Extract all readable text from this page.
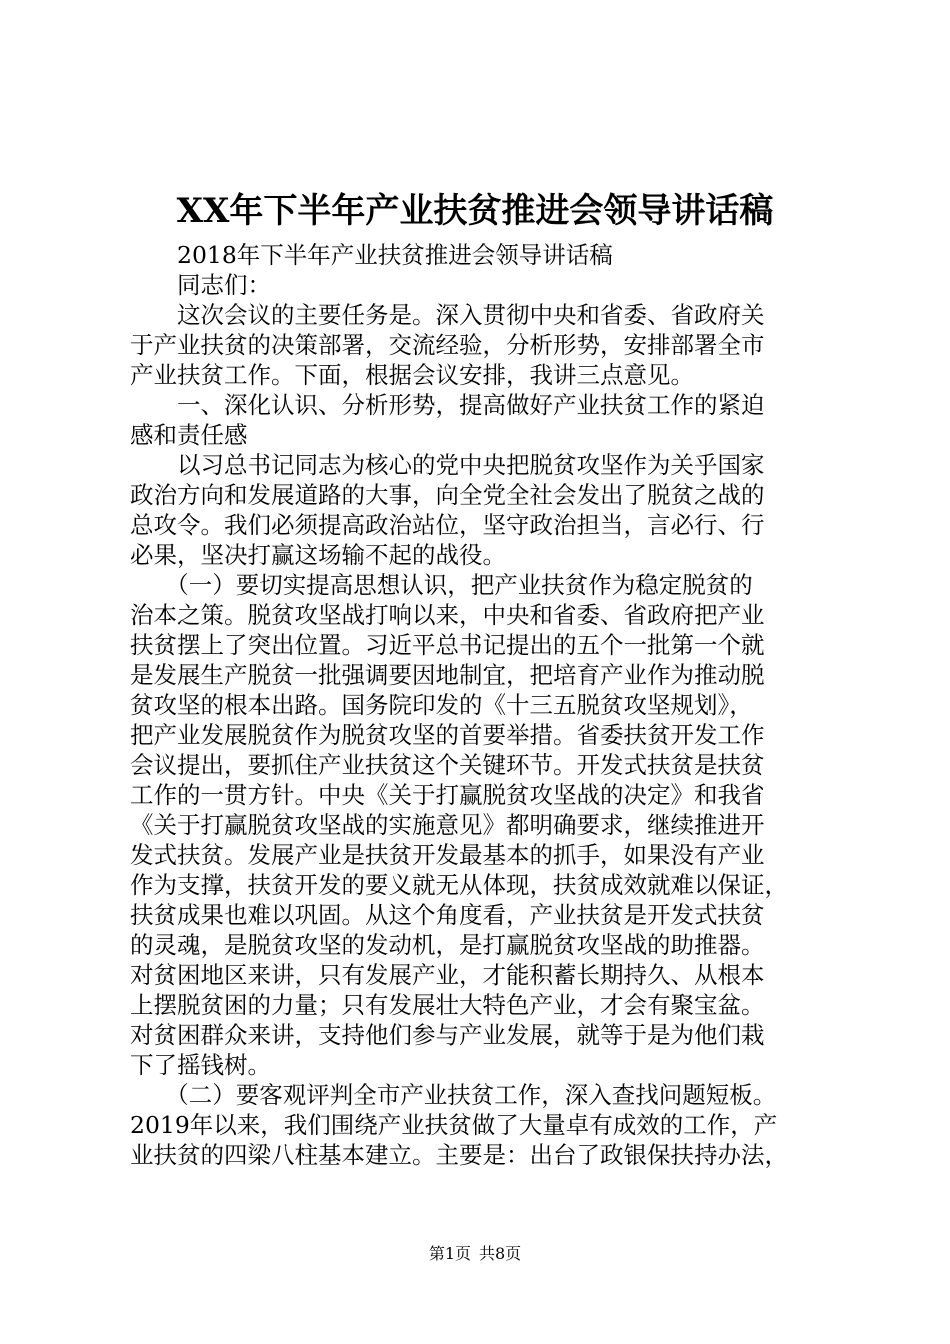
XX年下半年产业扶贫推进会领导讲话稿
　　2018年下半年产业扶贫推进会领导讲话稿
　　同志们：
　　这次会议的主要任务是。深入贯彻中央和省委、省政府关
于产业扶贫的决策部署，交流经验，分析形势，安排部署全市
产业扶贫工作。下面，根据会议安排，我讲三点意见。
　　一、深化认识、分析形势，提高做好产业扶贫工作的紧迫
感和责任感
　　以习总书记同志为核心的党中央把脱贫攻坚作为关乎国家
政治方向和发展道路的大事，向全党全社会发出了脱贫之战的
总攻令。我们必须提高政治站位，坚守政治担当，言必行、行
必果，坚决打赢这场输不起的战役。
　　（一）要切实提高思想认识，把产业扶贫作为稳定脱贫的
治本之策。脱贫攻坚战打响以来，中央和省委、省政府把产业
扶贫摆上了突出位置。习近平总书记提出的五个一批第一个就
是发展生产脱贫一批强调要因地制宜，把培育产业作为推动脱
贫攻坚的根本出路。国务院印发的《十三五脱贫攻坚规划》，
把产业发展脱贫作为脱贫攻坚的首要举措。省委扶贫开发工作
会议提出，要抓住产业扶贫这个关键环节。开发式扶贫是扶贫
工作的一贯方针。中央《关于打赢脱贫攻坚战的决定》和我省
《关于打赢脱贫攻坚战的实施意见》都明确要求，继续推进开
发式扶贫。发展产业是扶贫开发最基本的抓手，如果没有产业
作为支撑，扶贫开发的要义就无从体现，扶贫成效就难以保证，
扶贫成果也难以巩固。从这个角度看，产业扶贫是开发式扶贫
的灵魂，是脱贫攻坚的发动机，是打赢脱贫攻坚战的助推器。
对贫困地区来讲，只有发展产业，才能积蓄长期持久、从根本
上摆脱贫困的力量；只有发展壮大特色产业，才会有聚宝盆。
对贫困群众来讲，支持他们参与产业发展，就等于是为他们栽
下了摇钱树。
　　（二）要客观评判全市产业扶贫工作，深入查找问题短板。
2019年以来，我们围绕产业扶贫做了大量卓有成效的工作，产
业扶贫的四梁八柱基本建立。主要是：出台了政银保扶持办法，
第1页 共8页
